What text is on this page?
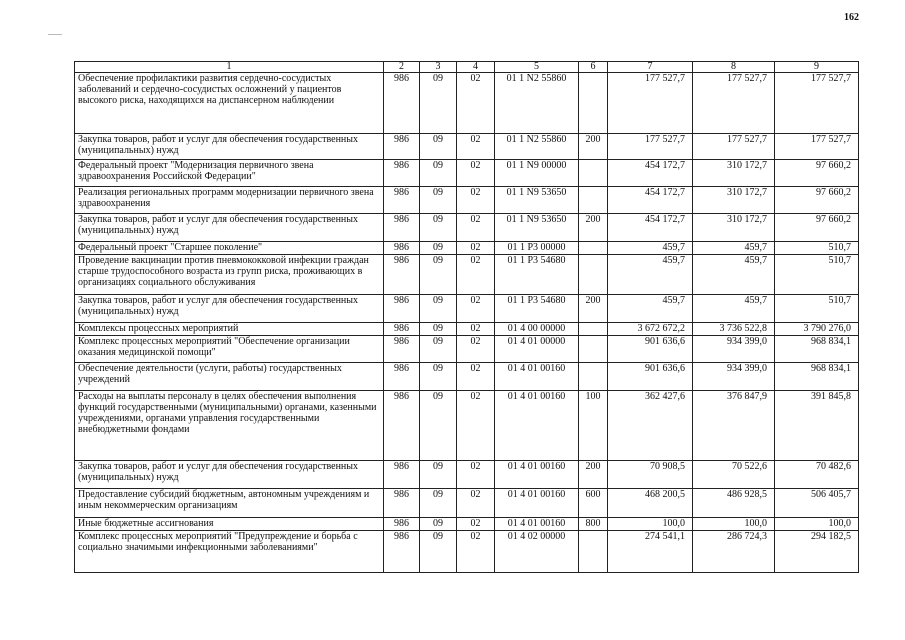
162
1	2	3	4	5	6	7	8	9
Обеспечение профилактики развития сердечно-сосудистых заболеваний и сердечно-сосудистых осложнений у пациентов высокого риска, находящихся на диспансерном наблюдении	986	09	02	01 1 N2 55860		177 527,7	177 527,7	177 527,7
Закупка товаров, работ и услуг для обеспечения государственных (муниципальных) нужд	986	09	02	01 1 N2 55860	200	177 527,7	177 527,7	177 527,7
Федеральный проект "Модернизация первичного звена здравоохранения Российской Федерации"	986	09	02	01 1 N9 00000		454 172,7	310 172,7	97 660,2
Реализация региональных программ модернизации первичного звена здравоохранения	986	09	02	01 1 N9 53650		454 172,7	310 172,7	97 660,2
Закупка товаров, работ и услуг для обеспечения государственных (муниципальных) нужд	986	09	02	01 1 N9 53650	200	454 172,7	310 172,7	97 660,2
Федеральный проект "Старшее поколение"	986	09	02	01 1 P3 00000		459,7	459,7	510,7
Проведение вакцинации против пневмококковой инфекции граждан старше трудоспособного возраста из групп риска, проживающих в организациях социального обслуживания	986	09	02	01 1 P3 54680		459,7	459,7	510,7
Закупка товаров, работ и услуг для обеспечения государственных (муниципальных) нужд	986	09	02	01 1 P3 54680	200	459,7	459,7	510,7
Комплексы процессных мероприятий	986	09	02	01 4 00 00000		3 672 672,2	3 736 522,8	3 790 276,0
Комплекс процессных мероприятий "Обеспечение организации оказания медицинской помощи"	986	09	02	01 4 01 00000		901 636,6	934 399,0	968 834,1
Обеспечение деятельности (услуги, работы) государственных учреждений	986	09	02	01 4 01 00160		901 636,6	934 399,0	968 834,1
Расходы на выплаты персоналу в целях обеспечения выполнения функций государственными (муниципальными) органами, казенными учреждениями, органами управления государственными внебюджетными фондами	986	09	02	01 4 01 00160	100	362 427,6	376 847,9	391 845,8
Закупка товаров, работ и услуг для обеспечения государственных (муниципальных) нужд	986	09	02	01 4 01 00160	200	70 908,5	70 522,6	70 482,6
Предоставление субсидий бюджетным, автономным учреждениям и иным некоммерческим организациям	986	09	02	01 4 01 00160	600	468 200,5	486 928,5	506 405,7
Иные бюджетные ассигнования	986	09	02	01 4 01 00160	800	100,0	100,0	100,0
Комплекс процессных мероприятий "Предупреждение и борьба с социально значимыми инфекционными заболеваниями"	986	09	02	01 4 02 00000		274 541,1	286 724,3	294 182,5
